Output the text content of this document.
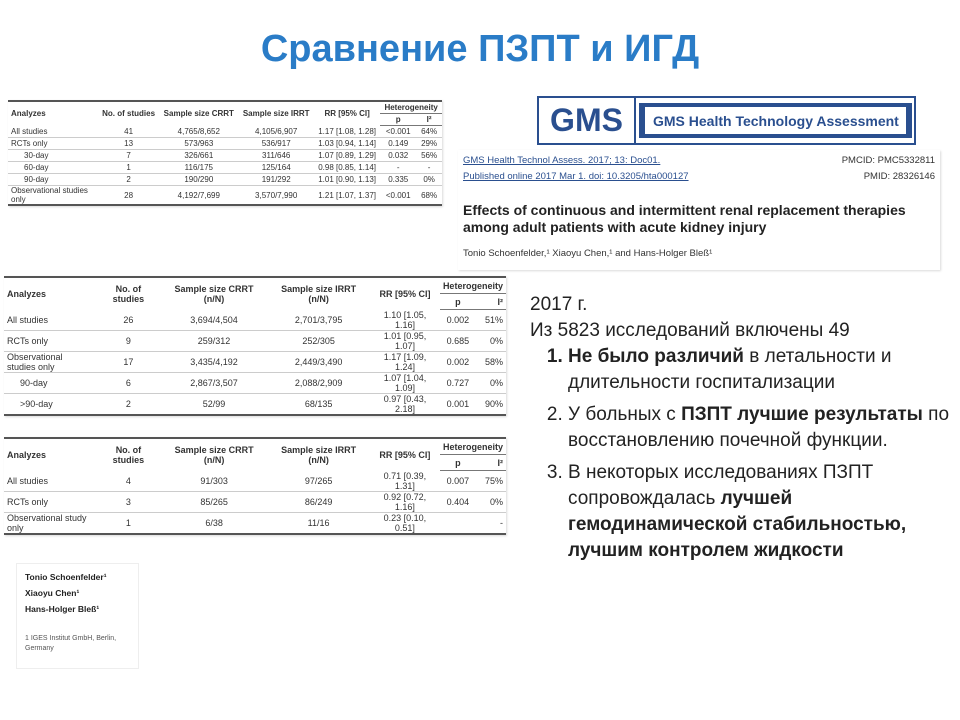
Сравнение ПЗПТ и ИГД
Analyzes	No. of studies	Sample size CRRT	Sample size IRRT	RR [95% CI]	Heterogeneity	
					p	I²
All studies	41	4,765/8,652	4,105/6,907	1.17 [1.08, 1.28]	<0.001	64%
RCTs only	13	573/963	536/917	1.03 [0.94, 1.14]	0.149	29%
30-day	7	326/661	311/646	1.07 [0.89, 1.29]	0.032	56%
60-day	1	116/175	125/164	0.98 [0.85, 1.14]	-	-
90-day	2	190/290	191/292	1.01 [0.90, 1.13]	0.335	0%
Observational studies only	28	4,192/7,699	3,570/7,990	1.21 [1.07, 1.37]	<0.001	68%
Analyzes	No. of studies	Sample size CRRT (n/N)	Sample size IRRT (n/N)	RR [95% CI]	Heterogeneity	
					p	I²
All studies	26	3,694/4,504	2,701/3,795	1.10 [1.05, 1.16]	0.002	51%
RCTs only	9	259/312	252/305	1.01 [0.95, 1.07]	0.685	0%
Observational studies only	17	3,435/4,192	2,449/3,490	1.17 [1.09, 1.24]	0.002	58%
90-day	6	2,867/3,507	2,088/2,909	1.07 [1.04, 1.09]	0.727	0%
>90-day	2	52/99	68/135	0.97 [0.43, 2.18]	0.001	90%
Analyzes	No. of studies	Sample size CRRT (n/N)	Sample size IRRT (n/N)	RR [95% CI]	Heterogeneity	
					p	I²
All studies	4	91/303	97/265	0.71 [0.39, 1.31]	0.007	75%
RCTs only	3	85/265	86/249	0.92 [0.72, 1.16]	0.404	0%
Observational study only	1	6/38	11/16	0.23 [0.10, 0.51]		-
GMS	GMS Health Technology Assessment
GMS Health Technol Assess. 2017; 13: Doc01.	PMCID: PMC5332811
Published online 2017 Mar 1. doi: 10.3205/hta000127	PMID: 28326146
Effects of continuous and intermittent renal replacement therapies among adult patients with acute kidney injury
Tonio Schoenfelder,¹ Xiaoyu Chen,¹ and Hans-Holger Bleß¹
Tonio Schoenfelder¹
Xiaoyu Chen¹
Hans-Holger Bleß¹
1 IGES Institut GmbH, Berlin, Germany

2017 г.

Из 5823 исследований включены 49

1. Не было различий в летальности и длительности госпитализации
2. У больных с ПЗПТ лучшие результаты по восстановлению почечной функции.
3. В некоторых исследованиях ПЗПТ сопровождалась лучшей гемодинамической стабильностью, лучшим контролем жидкости
